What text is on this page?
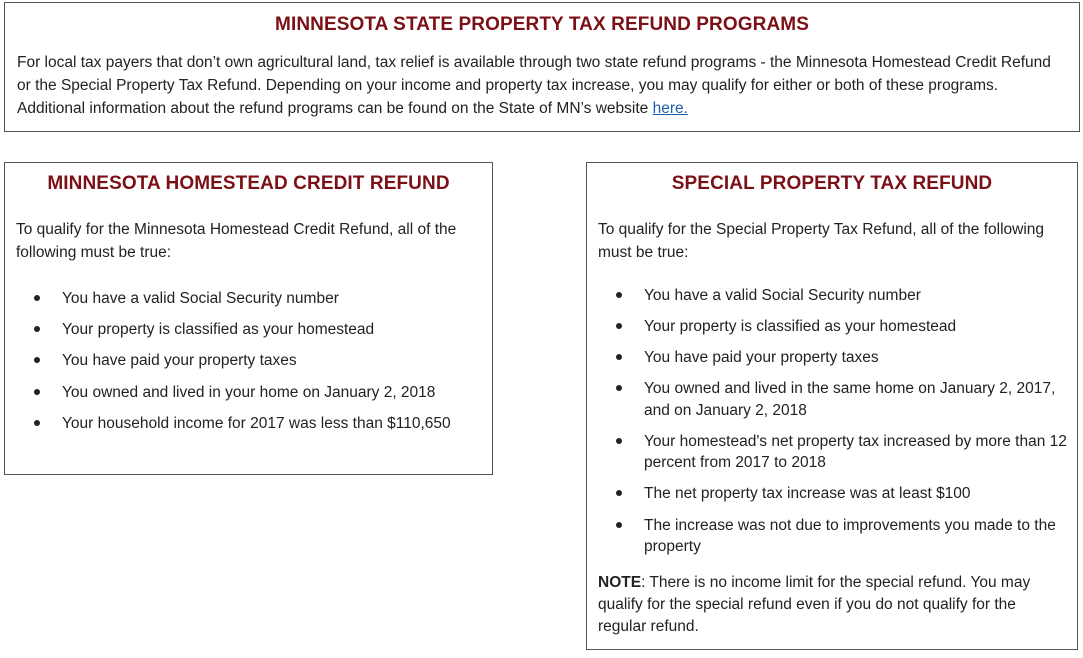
MINNESOTA STATE PROPERTY TAX REFUND PROGRAMS
For local tax payers that don’t own agricultural land, tax relief is available through two state refund programs - the Minnesota Homestead Credit Refund or the Special Property Tax Refund. Depending on your income and property tax increase, you may qualify for either or both of these programs. Additional information about the refund programs can be found on the State of MN’s website here.
MINNESOTA HOMESTEAD CREDIT REFUND
To qualify for the Minnesota Homestead Credit Refund, all of the following must be true:
You have a valid Social Security number
Your property is classified as your homestead
You have paid your property taxes
You owned and lived in your home on January 2, 2018
Your household income for 2017 was less than $110,650
SPECIAL PROPERTY TAX REFUND
To qualify for the Special Property Tax Refund, all of the following must be true:
You have a valid Social Security number
Your property is classified as your homestead
You have paid your property taxes
You owned and lived in the same home on January 2, 2017, and on January 2, 2018
Your homestead's net property tax increased by more than 12 percent from 2017 to 2018
The net property tax increase was at least $100
The increase was not due to improvements you made to the property
NOTE: There is no income limit for the special refund. You may qualify for the special refund even if you do not qualify for the regular refund.
